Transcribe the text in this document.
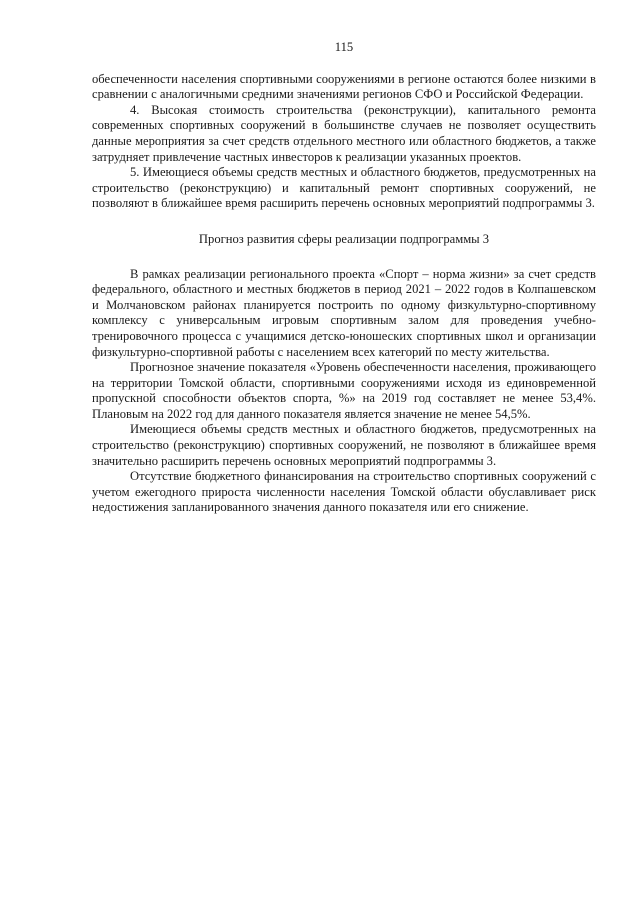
115

обеспеченности населения спортивными сооружениями в регионе остаются более низкими в сравнении с аналогичными средними значениями регионов СФО и Российской Федерации.

4. Высокая стоимость строительства (реконструкции), капитального ремонта современных спортивных сооружений в большинстве случаев не позволяет осуществить данные мероприятия за счет средств отдельного местного или областного бюджетов, а также затрудняет привлечение частных инвесторов к реализации указанных проектов.

5. Имеющиеся объемы средств местных и областного бюджетов, предусмотренных на строительство (реконструкцию) и капитальный ремонт спортивных сооружений, не позволяют в ближайшее время расширить перечень основных мероприятий подпрограммы 3.

Прогноз развития сферы реализации подпрограммы 3

В рамках реализации регионального проекта «Спорт – норма жизни» за счет средств федерального, областного и местных бюджетов в период 2021 – 2022 годов в Колпашевском и Молчановском районах планируется построить по одному физкультурно-спортивному комплексу с универсальным игровым спортивным залом для проведения учебно-тренировочного процесса с учащимися детско-юношеских спортивных школ и организации физкультурно-спортивной работы с населением всех категорий по месту жительства.

Прогнозное значение показателя «Уровень обеспеченности населения, проживающего на территории Томской области, спортивными сооружениями исходя из единовременной пропускной способности объектов спорта, %» на 2019 год составляет не менее 53,4%. Плановым на 2022 год для данного показателя является значение не менее 54,5%.

Имеющиеся объемы средств местных и областного бюджетов, предусмотренных на строительство (реконструкцию) спортивных сооружений, не позволяют в ближайшее время значительно расширить перечень основных мероприятий подпрограммы 3.

Отсутствие бюджетного финансирования на строительство спортивных сооружений с учетом ежегодного прироста численности населения Томской области обуславливает риск недостижения запланированного значения данного показателя или его снижение.
